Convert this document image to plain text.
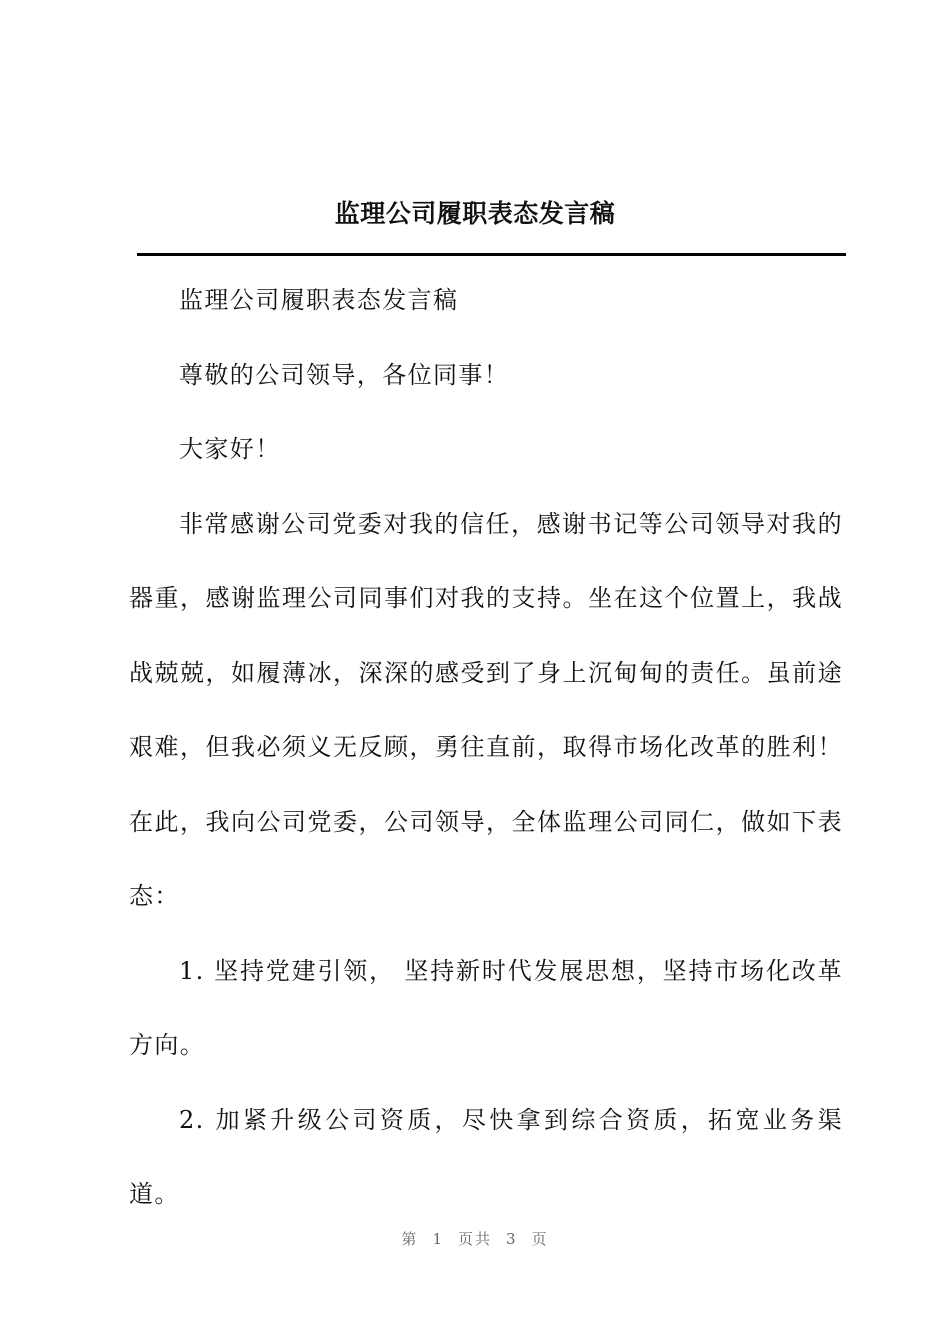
监理公司履职表态发言稿

监理公司履职表态发言稿

尊敬的公司领导，各位同事！

大家好！

非常感谢公司党委对我的信任，感谢书记等公司领导对我的器重，感谢监理公司同事们对我的支持。坐在这个位置上，我战战兢兢，如履薄冰，深深的感受到了身上沉甸甸的责任。虽前途艰难，但我必须义无反顾，勇往直前，取得市场化改革的胜利！在此，我向公司党委，公司领导，全体监理公司同仁，做如下表态：

1. 坚持党建引领， 坚持新时代发展思想，坚持市场化改革方向。

2. 加紧升级公司资质，尽快拿到综合资质，拓宽业务渠道。

第 1 页共 3 页
